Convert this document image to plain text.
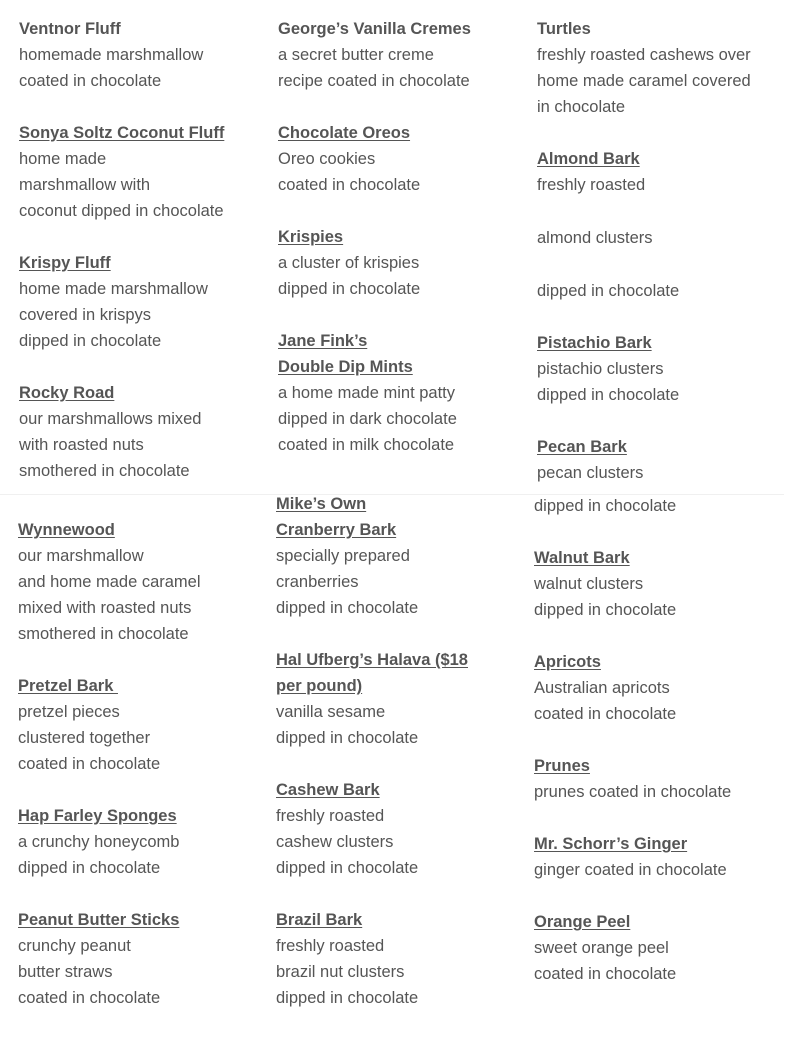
Ventnor Fluff
homemade marshmallow
coated in chocolate
Sonya Soltz Coconut Fluff
home made
marshmallow with
coconut dipped in chocolate
Krispy Fluff
home made marshmallow
covered in krispys
dipped in chocolate
Rocky Road
our marshmallows mixed
with roasted nuts
smothered in chocolate
George’s Vanilla Cremes
a secret butter creme
recipe coated in chocolate
Chocolate Oreos
Oreo cookies
coated in chocolate
Krispies
a cluster of krispies
dipped in chocolate
Jane Fink’s
Double Dip Mints
a home made mint patty
dipped in dark chocolate
coated in milk chocolate
Turtles
freshly roasted cashews over
home made caramel covered
in chocolate
Almond Bark
freshly roasted
almond clusters
dipped in chocolate
Pistachio Bark
pistachio clusters
dipped in chocolate
Pecan Bark
pecan clusters
Wynnewood
our marshmallow
and home made caramel
mixed with roasted nuts
smothered in chocolate
Pretzel Bark
pretzel pieces
clustered together
coated in chocolate
Hap Farley Sponges
a crunchy honeycomb
dipped in chocolate
Peanut Butter Sticks
crunchy peanut
butter straws
coated in chocolate
Mike’s Own
Cranberry Bark
specially prepared
cranberries
dipped in chocolate
Hal Ufberg’s Halava ($18
per pound)
vanilla sesame
dipped in chocolate
Cashew Bark
freshly roasted
cashew clusters
dipped in chocolate
Brazil Bark
freshly roasted
brazil nut clusters
dipped in chocolate
dipped in chocolate
Walnut Bark
walnut clusters
dipped in chocolate
Apricots
Australian apricots
coated in chocolate
Prunes
prunes coated in chocolate
Mr. Schorr’s Ginger
ginger coated in chocolate
Orange Peel
sweet orange peel
coated in chocolate
